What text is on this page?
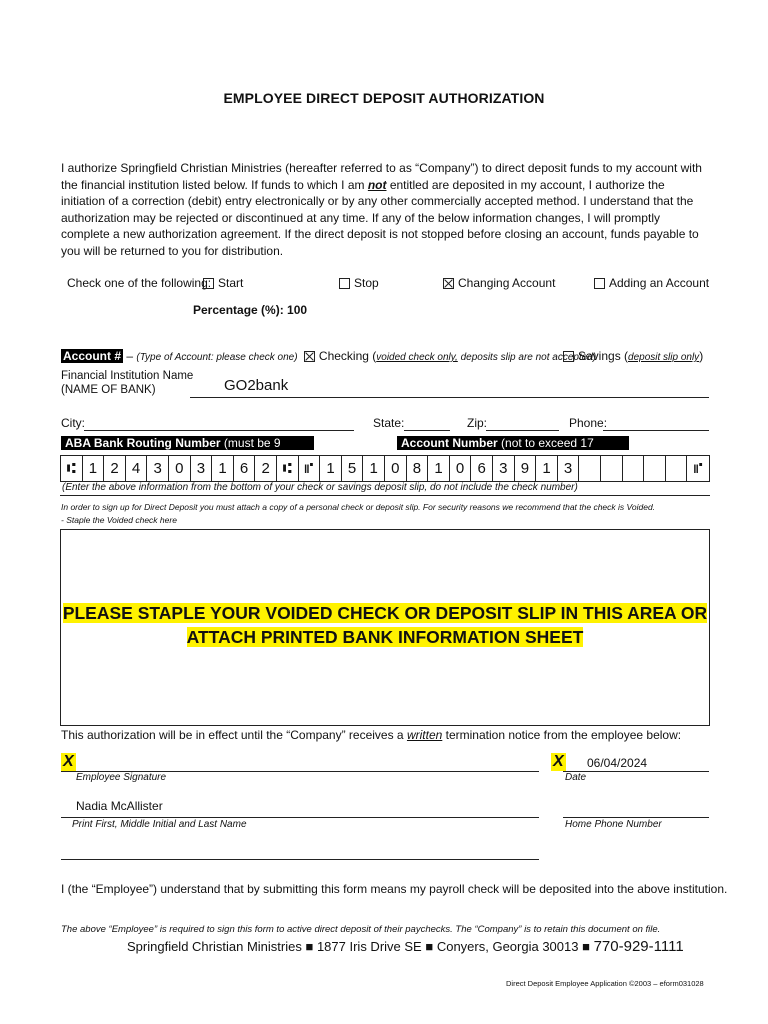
EMPLOYEE DIRECT DEPOSIT AUTHORIZATION
I authorize Springfield Christian Ministries (hereafter referred to as “Company”) to direct deposit funds to my account with the financial institution listed below. If funds to which I am not entitled are deposited in my account, I authorize the initiation of a correction (debit) entry electronically or by any other commercially accepted method. I understand that the authorization may be rejected or discontinued at any time. If any of the below information changes, I will promptly complete a new authorization agreement. If the direct deposit is not stopped before closing an account, funds payable to you will be returned to you for distribution.
Check one of the following: Start	Stop	Changing Account	Adding an Account
Percentage (%): 100
Account # – (Type of Account: please check one) Checking (voided check only, deposits slip are not accepted)
Savings (deposit slip only)
Financial Institution Name
(NAME OF BANK)	GO2bank
City:	State:	Zip:	Phone:
ABA Bank Routing Number (must be 9 numbers)
Account Number (not to exceed 17 numbers)
⑆ 1 2 4 3 0 3 1 6 2 ⑆ ⑈ 1 5 1 0 8 1 0 6 3 9 1 3	⑈
(Enter the above information from the bottom of your check or savings deposit slip, do not include the check number)
In order to sign up for Direct Deposit you must attach a copy of a personal check or deposit slip. For security reasons we recommend that the check is Voided.
- Staple the Voided check here
PLEASE STAPLE YOUR VOIDED CHECK OR DEPOSIT SLIP IN THIS AREA OR
ATTACH PRINTED BANK INFORMATION SHEET
This authorization will be in effect until the “Company” receives a written termination notice from the employee below:
X
Employee Signature
X 06/04/2024
Date
Nadia McAllister
Print First, Middle Initial and Last Name	Home Phone Number
I (the “Employee”) understand that by submitting this form means my payroll check will be deposited into the above institution.
The above “Employee” is required to sign this form to active direct deposit of their paychecks. The “Company” is to retain this document on file.
Springfield Christian Ministries ■ 1877 Iris Drive SE ■ Conyers, Georgia 30013 ■ 770-929-1111
Direct Deposit Employee Application ©2003 – eform031028
